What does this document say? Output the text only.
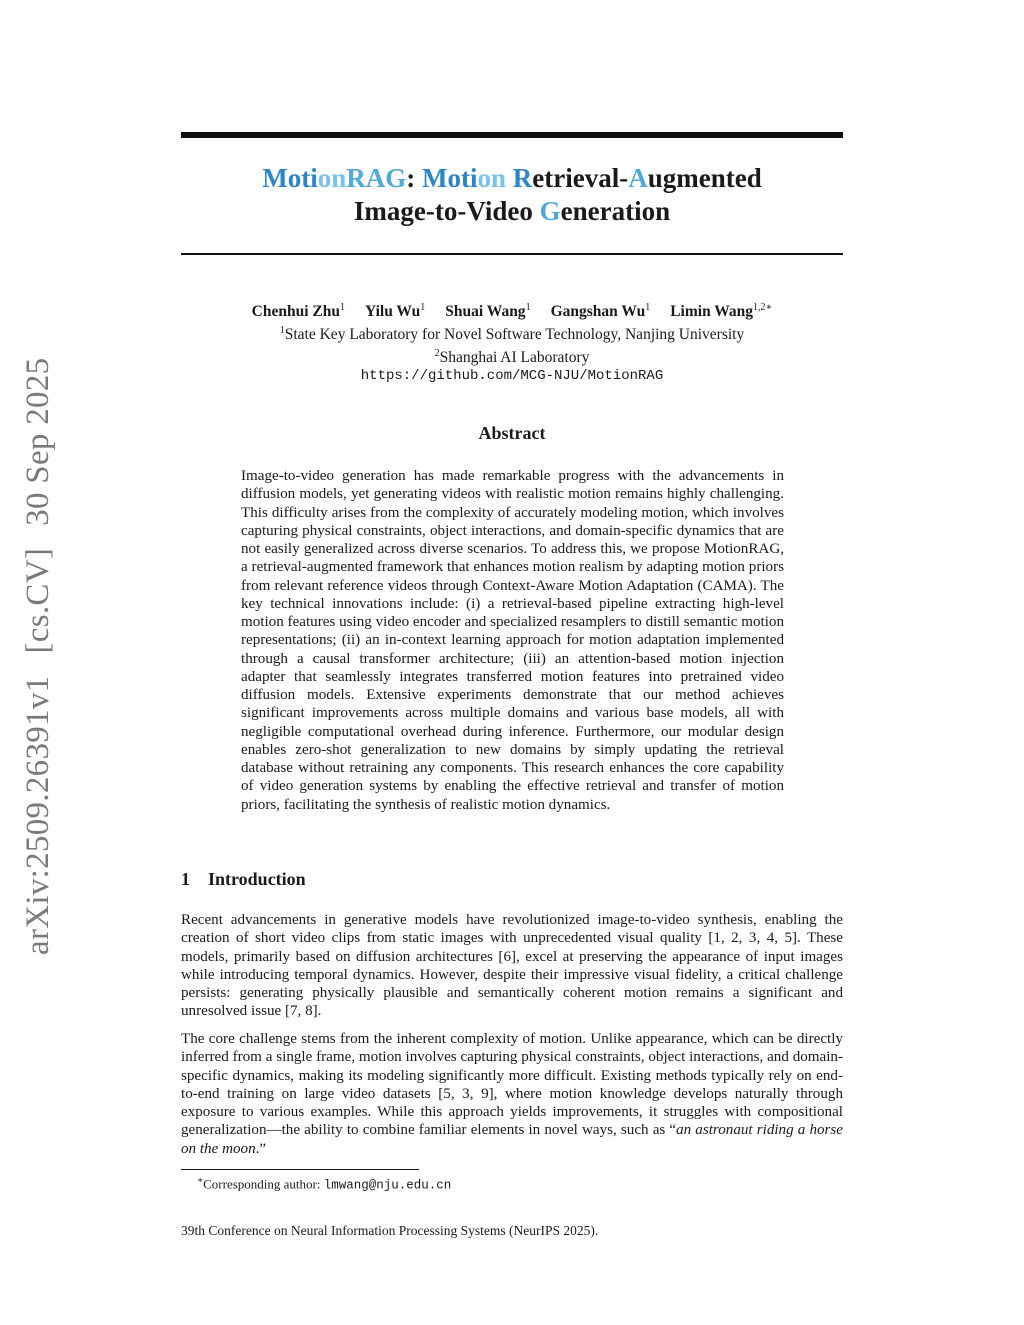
arXiv:2509.26391v1[cs.CV]30 Sep 2025
MotionRAG: Motion Retrieval-Augmented
Image-to-Video Generation
Chenhui Zhu$^1$ Yilu Wu$^1$ Shuai Wang$^1$ Gangshan Wu$^1$ Limin Wang$^{1,2∗}$
$^1$State Key Laboratory for Novel Software Technology, Nanjing University
$^2$Shanghai AI Laboratory
https://github.com/MCG-NJU/MotionRAG
Abstract
Image-to-video generation has made remarkable progress with the advancements in diffusion models, yet generating videos with realistic motion remains highly challenging. This difficulty arises from the complexity of accurately modeling motion, which involves capturing physical constraints, object interactions, and domain-specific dynamics that are not easily generalized across diverse scenarios. To address this, we propose MotionRAG, a retrieval-augmented framework that enhances motion realism by adapting motion priors from relevant reference videos through Context-Aware Motion Adaptation (CAMA). The key technical innovations include: (i) a retrieval-based pipeline extracting high-level motion features using video encoder and specialized resamplers to distill semantic motion representations; (ii) an in-context learning approach for motion adaptation implemented through a causal transformer architecture; (iii) an attention-based motion injection adapter that seamlessly integrates transferred motion features into pretrained video diffusion models. Extensive experiments demonstrate that our method achieves significant improvements across multiple domains and various base models, all with negligible computational overhead during inference. Furthermore, our modular design enables zero-shot generalization to new domains by simply updating the retrieval database without retraining any components. This research enhances the core capability of video generation systems by enabling the effective retrieval and transfer of motion priors, facilitating the synthesis of realistic motion dynamics.
1 Introduction
Recent advancements in generative models have revolutionized image-to-video synthesis, enabling the creation of short video clips from static images with unprecedented visual quality [1, 2, 3, 4, 5]. These models, primarily based on diffusion architectures [6], excel at preserving the appearance of input images while introducing temporal dynamics. However, despite their impressive visual fidelity, a critical challenge persists: generating physically plausible and semantically coherent motion remains a significant and unresolved issue [7, 8].
The core challenge stems from the inherent complexity of motion. Unlike appearance, which can be directly inferred from a single frame, motion involves capturing physical constraints, object interactions, and domain-specific dynamics, making its modeling significantly more difficult. Existing methods typically rely on end-to-end training on large video datasets [5, 3, 9], where motion knowledge develops naturally through exposure to various examples. While this approach yields improvements, it struggles with compositional generalization—the ability to combine familiar elements in novel ways, such as “an astronaut riding a horse on the moon.”
∗Corresponding author: lmwang@nju.edu.cn
39th Conference on Neural Information Processing Systems (NeurIPS 2025).
